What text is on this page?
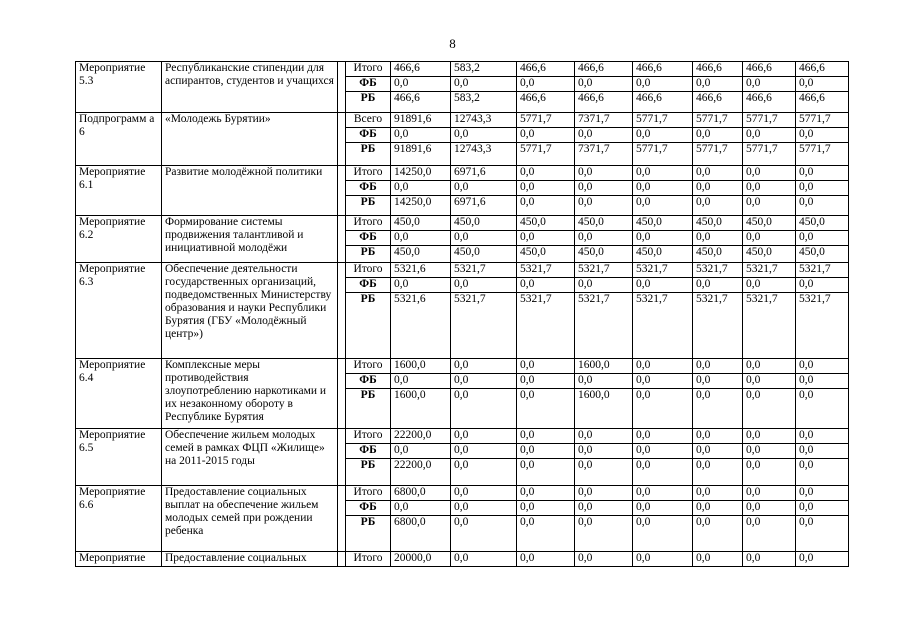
8
Мероприятие 5.3	Республиканские стипендии для аспирантов, студентов и учащихся		Итого	466,6	583,2	466,6	466,6	466,6	466,6	466,6	466,6
			ФБ	0,0	0,0	0,0	0,0	0,0	0,0	0,0	0,0
			РБ	466,6	583,2	466,6	466,6	466,6	466,6	466,6	466,6
Подпрограмм а 6	«Молодежь Бурятии»		Всего	91891,6	12743,3	5771,7	7371,7	5771,7	5771,7	5771,7	5771,7
			ФБ	0,0	0,0	0,0	0,0	0,0	0,0	0,0	0,0
			РБ	91891,6	12743,3	5771,7	7371,7	5771,7	5771,7	5771,7	5771,7
Мероприятие 6.1	Развитие молодёжной политики		Итого	14250,0	6971,6	0,0	0,0	0,0	0,0	0,0	0,0
			ФБ	0,0	0,0	0,0	0,0	0,0	0,0	0,0	0,0
			РБ	14250,0	6971,6	0,0	0,0	0,0	0,0	0,0	0,0
Мероприятие 6.2	Формирование системы продвижения талантливой и инициативной молодёжи		Итого	450,0	450,0	450,0	450,0	450,0	450,0	450,0	450,0
			ФБ	0,0	0,0	0,0	0,0	0,0	0,0	0,0	0,0
			РБ	450,0	450,0	450,0	450,0	450,0	450,0	450,0	450,0
Мероприятие 6.3	Обеспечение деятельности государственных организаций, подведомственных Министерству образования и науки Республики Бурятия (ГБУ «Молодёжный центр»)		Итого	5321,6	5321,7	5321,7	5321,7	5321,7	5321,7	5321,7	5321,7
			ФБ	0,0	0,0	0,0	0,0	0,0	0,0	0,0	0,0
			РБ	5321,6	5321,7	5321,7	5321,7	5321,7	5321,7	5321,7	5321,7
Мероприятие 6.4	Комплексные меры противодействия злоупотреблению наркотиками и их незаконному обороту в Республике Бурятия		Итого	1600,0	0,0	0,0	1600,0	0,0	0,0	0,0	0,0
			ФБ	0,0	0,0	0,0	0,0	0,0	0,0	0,0	0,0
			РБ	1600,0	0,0	0,0	1600,0	0,0	0,0	0,0	0,0
Мероприятие 6.5	Обеспечение жильем молодых семей в рамках ФЦП «Жилище» на 2011-2015 годы		Итого	22200,0	0,0	0,0	0,0	0,0	0,0	0,0	0,0
			ФБ	0,0	0,0	0,0	0,0	0,0	0,0	0,0	0,0
			РБ	22200,0	0,0	0,0	0,0	0,0	0,0	0,0	0,0
Мероприятие 6.6	Предоставление социальных выплат на обеспечение жильем молодых семей при рождении ребенка		Итого	6800,0	0,0	0,0	0,0	0,0	0,0	0,0	0,0
			ФБ	0,0	0,0	0,0	0,0	0,0	0,0	0,0	0,0
			РБ	6800,0	0,0	0,0	0,0	0,0	0,0	0,0	0,0
Мероприятие	Предоставление социальных		Итого	20000,0	0,0	0,0	0,0	0,0	0,0	0,0	0,0
